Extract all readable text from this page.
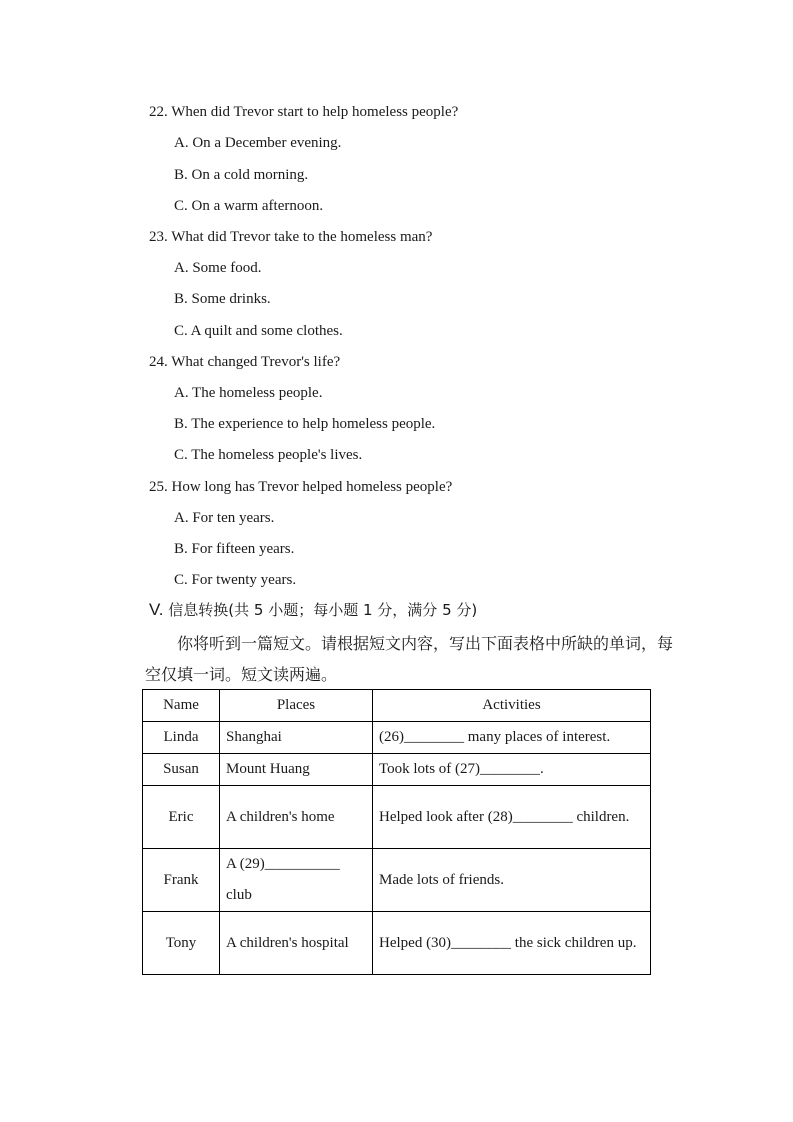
22. When did Trevor start to help homeless people?
A. On a December evening.
B. On a cold morning.
C. On a warm afternoon.
23. What did Trevor take to the homeless man?
A. Some food.
B. Some drinks.
C. A quilt and some clothes.
24. What changed Trevor's life?
A. The homeless people.
B. The experience to help homeless people.
C. The homeless people's lives.
25. How long has Trevor helped homeless people?
A. For ten years.
B. For fifteen years.
C. For twenty years.
V. 信息转换(共 5 小题；每小题 1 分，满分 5 分)
你将听到一篇短文。请根据短文内容，写出下面表格中所缺的单词，每空仅填一词。短文读两遍。
Name	Places	Activities
Linda	Shanghai	(26)________ many places of interest.
Susan	Mount Huang	Took lots of (27)________.
Eric	A children's home	Helped look after (28)________ children.
Frank	A (29)__________ club	Made lots of friends.
Tony	A children's hospital	Helped (30)________ the sick children up.
